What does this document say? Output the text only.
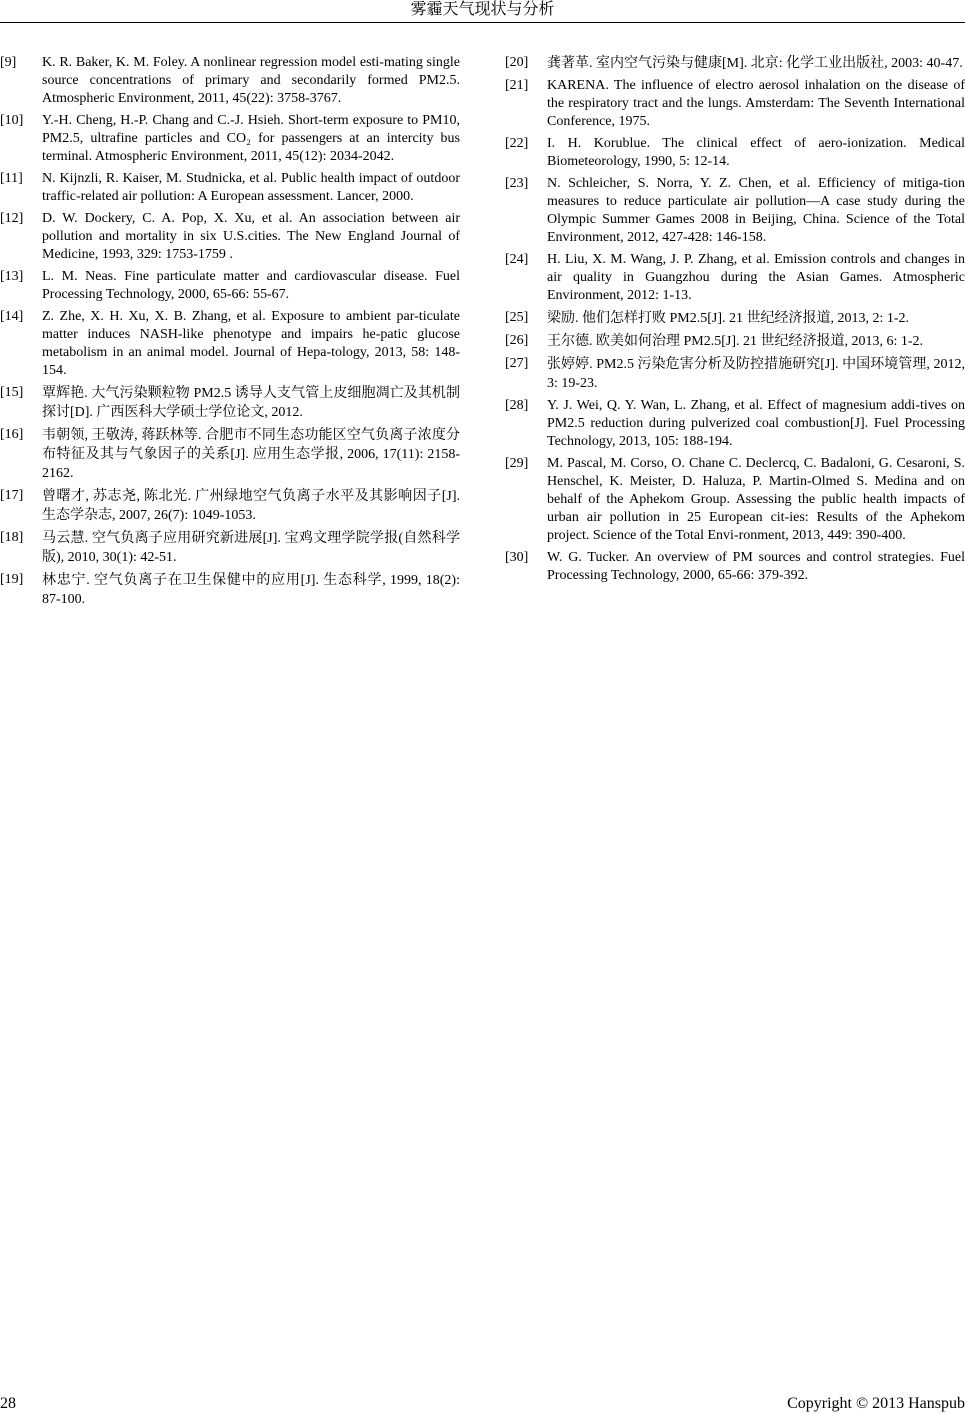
雾霾天气现状与分析
[9]	K. R. Baker, K. M. Foley. A nonlinear regression model esti-mating single source concentrations of primary and secondarily formed PM2.5. Atmospheric Environment, 2011, 45(22): 3758-3767.
[10]	Y.-H. Cheng, H.-P. Chang and C.-J. Hsieh. Short-term exposure to PM10, PM2.5, ultrafine particles and CO₂ for passengers at an intercity bus terminal. Atmospheric Environment, 2011, 45(12): 2034-2042.
[11]	N. Kijnzli, R. Kaiser, M. Studnicka, et al. Public health impact of outdoor traffic-related air pollution: A European assessment. Lancer, 2000.
[12]	D. W. Dockery, C. A. Pop, X. Xu, et al. An association between air pollution and mortality in six U.S.cities. The New England Journal of Medicine, 1993, 329: 1753-1759 .
[13]	L. M. Neas. Fine particulate matter and cardiovascular disease. Fuel Processing Technology, 2000, 65-66: 55-67.
[14]	Z. Zhe, X. H. Xu, X. B. Zhang, et al. Exposure to ambient par-ticulate matter induces NASH-like phenotype and impairs he-patic glucose metabolism in an animal model. Journal of Hepa-tology, 2013, 58: 148-154.
[15]	覃辉艳. 大气污染颗粒物 PM2.5 诱导人支气管上皮细胞凋亡及其机制探讨[D]. 广西医科大学硕士学位论文, 2012.
[16]	韦朝领, 王敬涛, 蒋跃林等. 合肥市不同生态功能区空气负离子浓度分布特征及其与气象因子的关系[J]. 应用生态学报, 2006, 17(11): 2158-2162.
[17]	曾曙才, 苏志尧, 陈北光. 广州绿地空气负离子水平及其影响因子[J]. 生态学杂志, 2007, 26(7): 1049-1053.
[18]	马云慧. 空气负离子应用研究新进展[J]. 宝鸡文理学院学报(自然科学版), 2010, 30(1): 42-51.
[19]	林忠宁. 空气负离子在卫生保健中的应用[J]. 生态科学, 1999, 18(2): 87-100.
[20]	龚著革. 室内空气污染与健康[M]. 北京: 化学工业出版社, 2003: 40-47.
[21]	KARENA. The influence of electro aerosol inhalation on the disease of the respiratory tract and the lungs. Amsterdam: The Seventh International Conference, 1975.
[22]	I. H. Korublue. The clinical effect of aero-ionization. Medical Biometeorology, 1990, 5: 12-14.
[23]	N. Schleicher, S. Norra, Y. Z. Chen, et al. Efficiency of mitiga-tion measures to reduce particulate air pollution—A case study during the Olympic Summer Games 2008 in Beijing, China. Science of the Total Environment, 2012, 427-428: 146-158.
[24]	H. Liu, X. M. Wang, J. P. Zhang, et al. Emission controls and changes in air quality in Guangzhou during the Asian Games. Atmospheric Environment, 2012: 1-13.
[25]	梁励. 他们怎样打败 PM2.5[J]. 21 世纪经济报道, 2013, 2: 1-2.
[26]	王尔德. 欧美如何治理 PM2.5[J]. 21 世纪经济报道, 2013, 6: 1-2.
[27]	张婷婷. PM2.5 污染危害分析及防控措施研究[J]. 中国环境管理, 2012, 3: 19-23.
[28]	Y. J. Wei, Q. Y. Wan, L. Zhang, et al. Effect of magnesium addi-tives on PM2.5 reduction during pulverized coal combustion[J]. Fuel Processing Technology, 2013, 105: 188-194.
[29]	M. Pascal, M. Corso, O. Chane C. Declercq, C. Badaloni, G. Cesaroni, S. Henschel, K. Meister, D. Haluza, P. Martin-Olmed S. Medina and on behalf of the Aphekom Group. Assessing the public health impacts of urban air pollution in 25 European cit-ies: Results of the Aphekom project. Science of the Total Envi-ronment, 2013, 449: 390-400.
[30]	W. G. Tucker. An overview of PM sources and control strategies. Fuel Processing Technology, 2000, 65-66: 379-392.
28	Copyright © 2013 Hanspub
